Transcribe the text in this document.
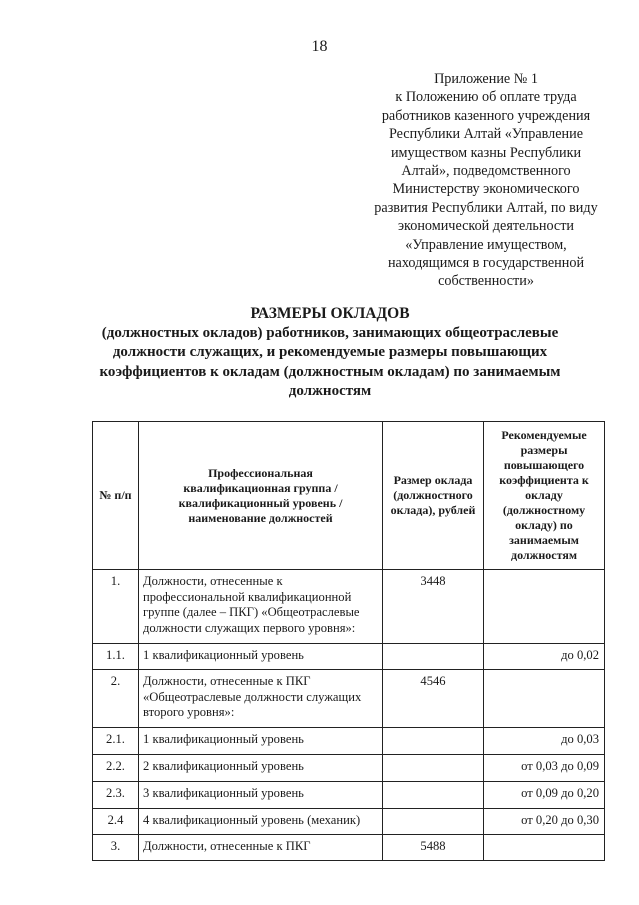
18
Приложение № 1
к Положению об оплате труда
работников казенного учреждения
Республики Алтай «Управление
имуществом казны Республики
Алтай», подведомственного
Министерству экономического
развития Республики Алтай, по виду
экономической деятельности
«Управление имуществом,
находящимся в государственной
собственности»
РАЗМЕРЫ ОКЛАДОВ
(должностных окладов) работников, занимающих общеотраслевые
должности служащих, и рекомендуемые размеры повышающих
коэффициентов к окладам (должностным окладам) по занимаемым
должностям
№ п/п	Профессиональная квалификационная группа / квалификационный уровень / наименование должностей	Размер оклада (должностного оклада), рублей	Рекомендуемые размеры повышающего коэффициента к окладу (должностному окладу) по занимаемым должностям
1.	Должности, отнесенные к профессиональной квалификационной группе (далее – ПКГ) «Общеотраслевые должности служащих первого уровня»:	3448	
1.1.	1 квалификационный уровень		до 0,02
2.	Должности, отнесенные к ПКГ «Общеотраслевые должности служащих второго уровня»:	4546	
2.1.	1 квалификационный уровень		до 0,03
2.2.	2 квалификационный уровень		от 0,03 до 0,09
2.3.	3 квалификационный уровень		от 0,09 до 0,20
2.4	4 квалификационный уровень (механик)		от 0,20 до 0,30
3.	Должности, отнесенные к ПКГ	5488	
